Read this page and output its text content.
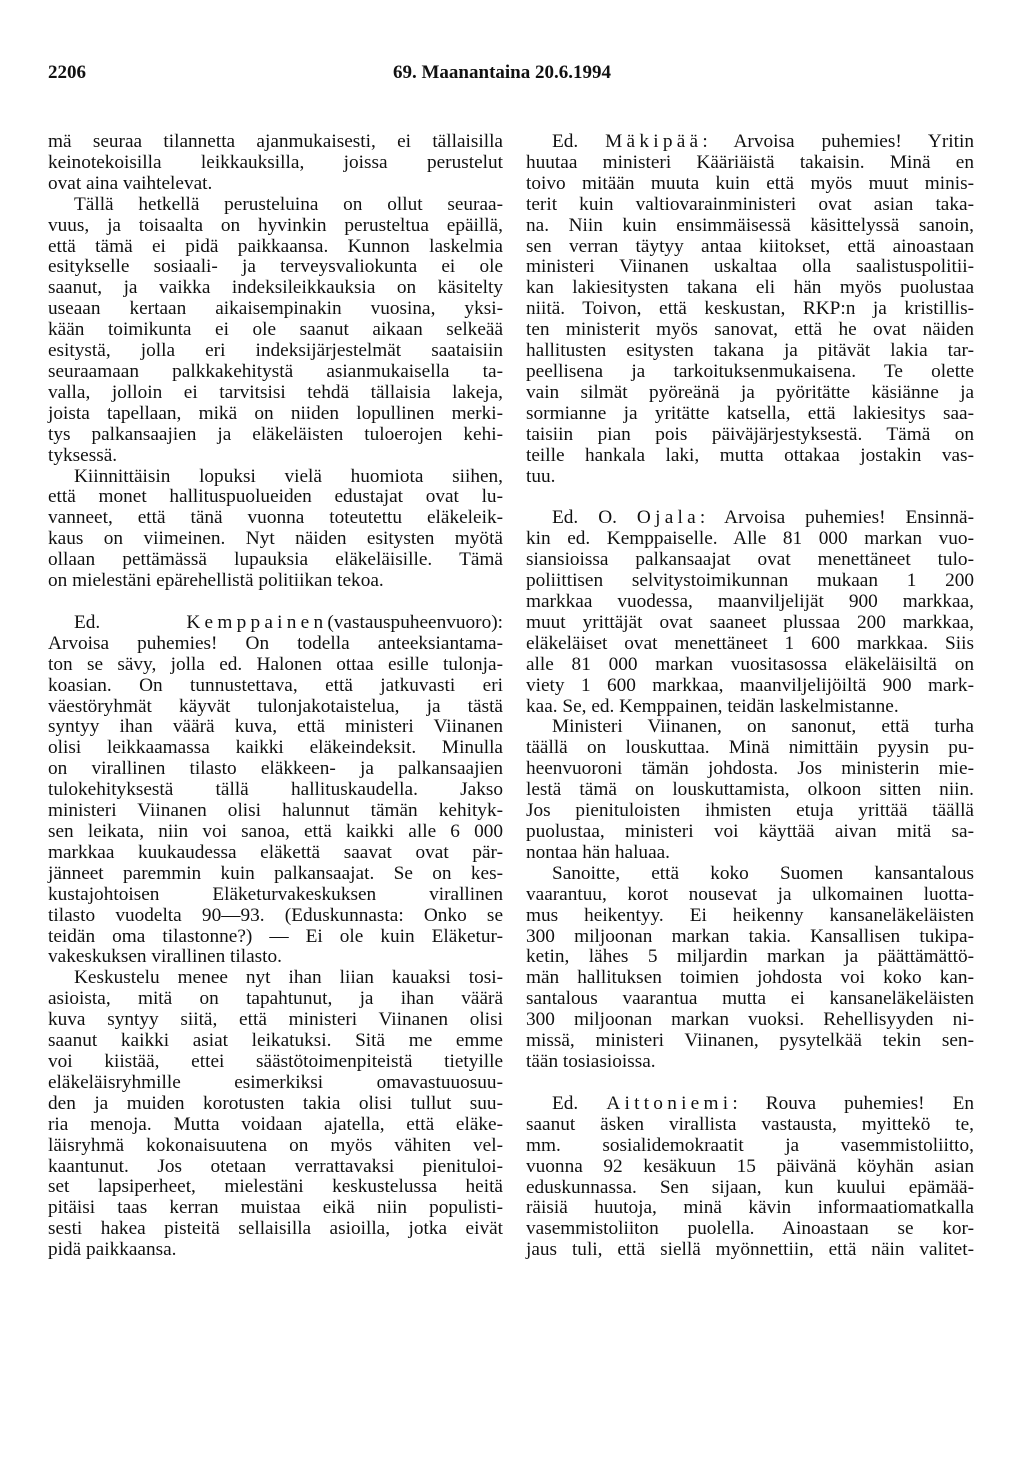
2206	69. Maanantaina 20.6.1994
mä seuraa tilannetta ajanmukaisesti, ei tällaisilla
keinotekoisilla leikkauksilla, joissa perustelut
ovat aina vaihtelevat.
Tällä hetkellä perusteluina on ollut seuraa-
vuus, ja toisaalta on hyvinkin perusteltua epäillä,
että tämä ei pidä paikkaansa. Kunnon laskelmia
esitykselle sosiaali- ja terveysvaliokunta ei ole
saanut, ja vaikka indeksileikkauksia on käsitelty
useaan kertaan aikaisempinakin vuosina, yksi-
kään toimikunta ei ole saanut aikaan selkeää
esitystä, jolla eri indeksijärjestelmät saataisiin
seuraamaan palkkakehitystä asianmukaisella ta-
valla, jolloin ei tarvitsisi tehdä tällaisia lakeja,
joista tapellaan, mikä on niiden lopullinen merki-
tys palkansaajien ja eläkeläisten tuloerojen kehi-
tyksessä.
Kiinnittäisin lopuksi vielä huomiota siihen,
että monet hallituspuolueiden edustajat ovat lu-
vanneet, että tänä vuonna toteutettu eläkeleik-
kaus on viimeinen. Nyt näiden esitysten myötä
ollaan pettämässä lupauksia eläkeläisille. Tämä
on mielestäni epärehellistä politiikan tekoa.
Ed.	Kemppainen(vastauspuheenvuoro):
Arvoisa puhemies! On todella anteeksiantama-
ton se sävy, jolla ed. Halonen ottaa esille tulonja-
koasian. On tunnustettava, että jatkuvasti eri
väestöryhmät käyvät tulonjakotaistelua, ja tästä
syntyy ihan väärä kuva, että ministeri Viinanen
olisi leikkaamassa kaikki eläkeindeksit. Minulla
on virallinen tilasto eläkkeen- ja palkansaajien
tulokehityksestä tällä hallituskaudella. Jakso
ministeri Viinanen olisi halunnut tämän kehityk-
sen leikata, niin voi sanoa, että kaikki alle 6 000
markkaa kuukaudessa eläkettä saavat ovat pär-
jänneet paremmin kuin palkansaajat. Se on kes-
kustajohtoisen Eläketurvakeskuksen virallinen
tilasto vuodelta 90—93. (Eduskunnasta: Onko se
teidän oma tilastonne?) — Ei ole kuin Eläketur-
vakeskuksen virallinen tilasto.
Keskustelu menee nyt ihan liian kauaksi tosi-
asioista, mitä on tapahtunut, ja ihan väärä
kuva syntyy siitä, että ministeri Viinanen olisi
saanut kaikki asiat leikatuksi. Sitä me emme
voi kiistää, ettei säästötoimenpiteistä tietyille
eläkeläisryhmille esimerkiksi omavastuuosuu-
den ja muiden korotusten takia olisi tullut suu-
ria menoja. Mutta voidaan ajatella, että eläke-
läisryhmä kokonaisuutena on myös vähiten vel-
kaantunut. Jos otetaan verrattavaksi pienituloi-
set lapsiperheet, mielestäni keskustelussa heitä
pitäisi taas kerran muistaa eikä niin populisti-
sesti hakea pisteitä sellaisilla asioilla, jotka eivät
pidä paikkaansa.
Ed. Mäkipää: Arvoisa puhemies! Yritin
huutaa ministeri Kääriäistä takaisin. Minä en
toivo mitään muuta kuin että myös muut minis-
terit kuin valtiovarainministeri ovat asian taka-
na. Niin kuin ensimmäisessä käsittelyssä sanoin,
sen verran täytyy antaa kiitokset, että ainoastaan
ministeri Viinanen uskaltaa olla saalistuspolitii-
kan lakiesitysten takana eli hän myös puolustaa
niitä. Toivon, että keskustan, RKP:n ja kristillis-
ten ministerit myös sanovat, että he ovat näiden
hallitusten esitysten takana ja pitävät lakia tar-
peellisena ja tarkoituksenmukaisena. Te olette
vain silmät pyöreänä ja pyöritätte käsiänne ja
sormianne ja yritätte katsella, että lakiesitys saa-
taisiin pian pois päiväjärjestyksestä. Tämä on
teille hankala laki, mutta ottakaa jostakin vas-
tuu.
Ed. O. Ojala: Arvoisa puhemies! Ensinnä-
kin ed. Kemppaiselle. Alle 81 000 markan vuo-
siansioissa palkansaajat ovat menettäneet tulo-
poliittisen selvitystoimikunnan mukaan 1 200
markkaa vuodessa, maanviljelijät 900 markkaa,
muut yrittäjät ovat saaneet plussaa 200 markkaa,
eläkeläiset ovat menettäneet 1 600 markkaa. Siis
alle 81 000 markan vuositasossa eläkeläisiltä on
viety 1 600 markkaa, maanviljelijöiltä 900 mark-
kaa. Se, ed. Kemppainen, teidän laskelmistanne.
Ministeri Viinanen, on sanonut, että turha
täällä on louskuttaa. Minä nimittäin pyysin pu-
heenvuoroni tämän johdosta. Jos ministerin mie-
lestä tämä on louskuttamista, olkoon sitten niin.
Jos pienituloisten ihmisten etuja yrittää täällä
puolustaa, ministeri voi käyttää aivan mitä sa-
nontaa hän haluaa.
Sanoitte, että koko Suomen kansantalous
vaarantuu, korot nousevat ja ulkomainen luotta-
mus heikentyy. Ei heikenny kansaneläkeläisten
300 miljoonan markan takia. Kansallisen tukipa-
ketin, lähes 5 miljardin markan ja päättämättö-
män hallituksen toimien johdosta voi koko kan-
santalous vaarantua mutta ei kansaneläkeläisten
300 miljoonan markan vuoksi. Rehellisyyden ni-
missä, ministeri Viinanen, pysytelkää tekin sen-
tään tosiasioissa.
Ed. Aittoniemi: Rouva puhemies! En
saanut äsken virallista vastausta, myittekö te,
mm. sosialidemokraatit ja vasemmistoliitto,
vuonna 92 kesäkuun 15 päivänä köyhän asian
eduskunnassa. Sen sijaan, kun kuului epämää-
räisiä huutoja, minä kävin informaatiomatkalla
vasemmistoliiton puolella. Ainoastaan se kor-
jaus tuli, että siellä myönnettiin, että näin valitet-
